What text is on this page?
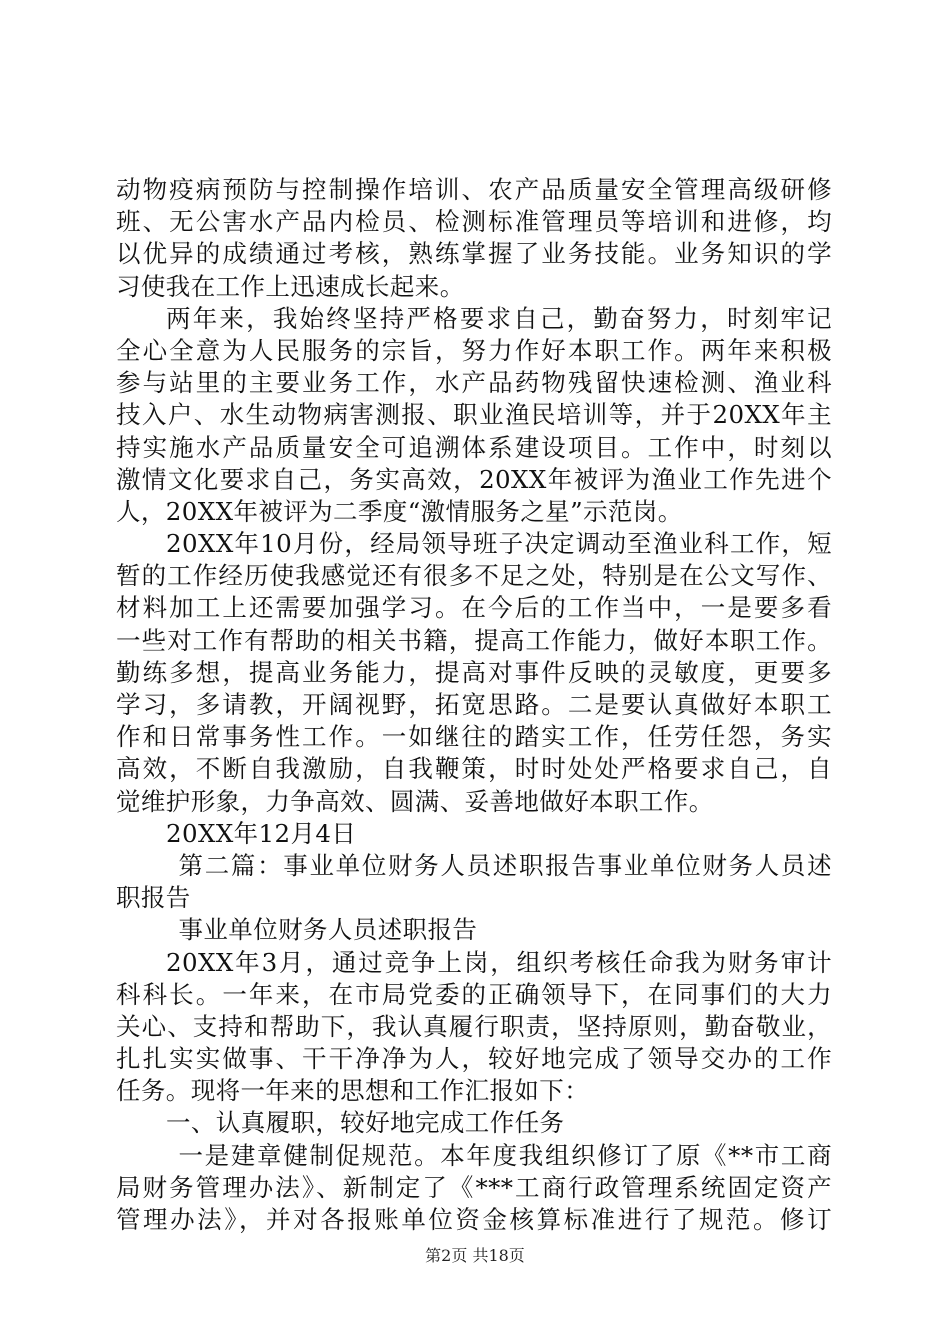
动物疫病预防与控制操作培训、农产品质量安全管理高级研修
班、无公害水产品内检员、检测标准管理员等培训和进修，均
以优异的成绩通过考核，熟练掌握了业务技能。业务知识的学
习使我在工作上迅速成长起来。
两年来，我始终坚持严格要求自己，勤奋努力，时刻牢记
全心全意为人民服务的宗旨，努力作好本职工作。两年来积极
参与站里的主要业务工作，水产品药物残留快速检测、渔业科
技入户、水生动物病害测报、职业渔民培训等，并于20XX年主
持实施水产品质量安全可追溯体系建设项目。工作中，时刻以
激情文化要求自己，务实高效，20XX年被评为渔业工作先进个
人，20XX年被评为二季度“激情服务之星”示范岗。
20XX年10月份，经局领导班子决定调动至渔业科工作，短
暂的工作经历使我感觉还有很多不足之处，特别是在公文写作、
材料加工上还需要加强学习。在今后的工作当中，一是要多看
一些对工作有帮助的相关书籍，提高工作能力，做好本职工作。
勤练多想，提高业务能力，提高对事件反映的灵敏度，更要多
学习，多请教，开阔视野，拓宽思路。二是要认真做好本职工
作和日常事务性工作。一如继往的踏实工作，任劳任怨，务实
高效，不断自我激励，自我鞭策，时时处处严格要求自己，自
觉维护形象，力争高效、圆满、妥善地做好本职工作。
20XX年12月4日
第二篇：事业单位财务人员述职报告事业单位财务人员述
职报告
事业单位财务人员述职报告
20XX年3月，通过竞争上岗，组织考核任命我为财务审计
科科长。一年来，在市局党委的正确领导下，在同事们的大力
关心、支持和帮助下，我认真履行职责，坚持原则，勤奋敬业，
扎扎实实做事、干干净净为人，较好地完成了领导交办的工作
任务。现将一年来的思想和工作汇报如下：
一、认真履职，较好地完成工作任务
一是建章健制促规范。本年度我组织修订了原《**市工商
局财务管理办法》、新制定了《***工商行政管理系统固定资产
管理办法》，并对各报账单位资金核算标准进行了规范。修订
第2页 共18页
